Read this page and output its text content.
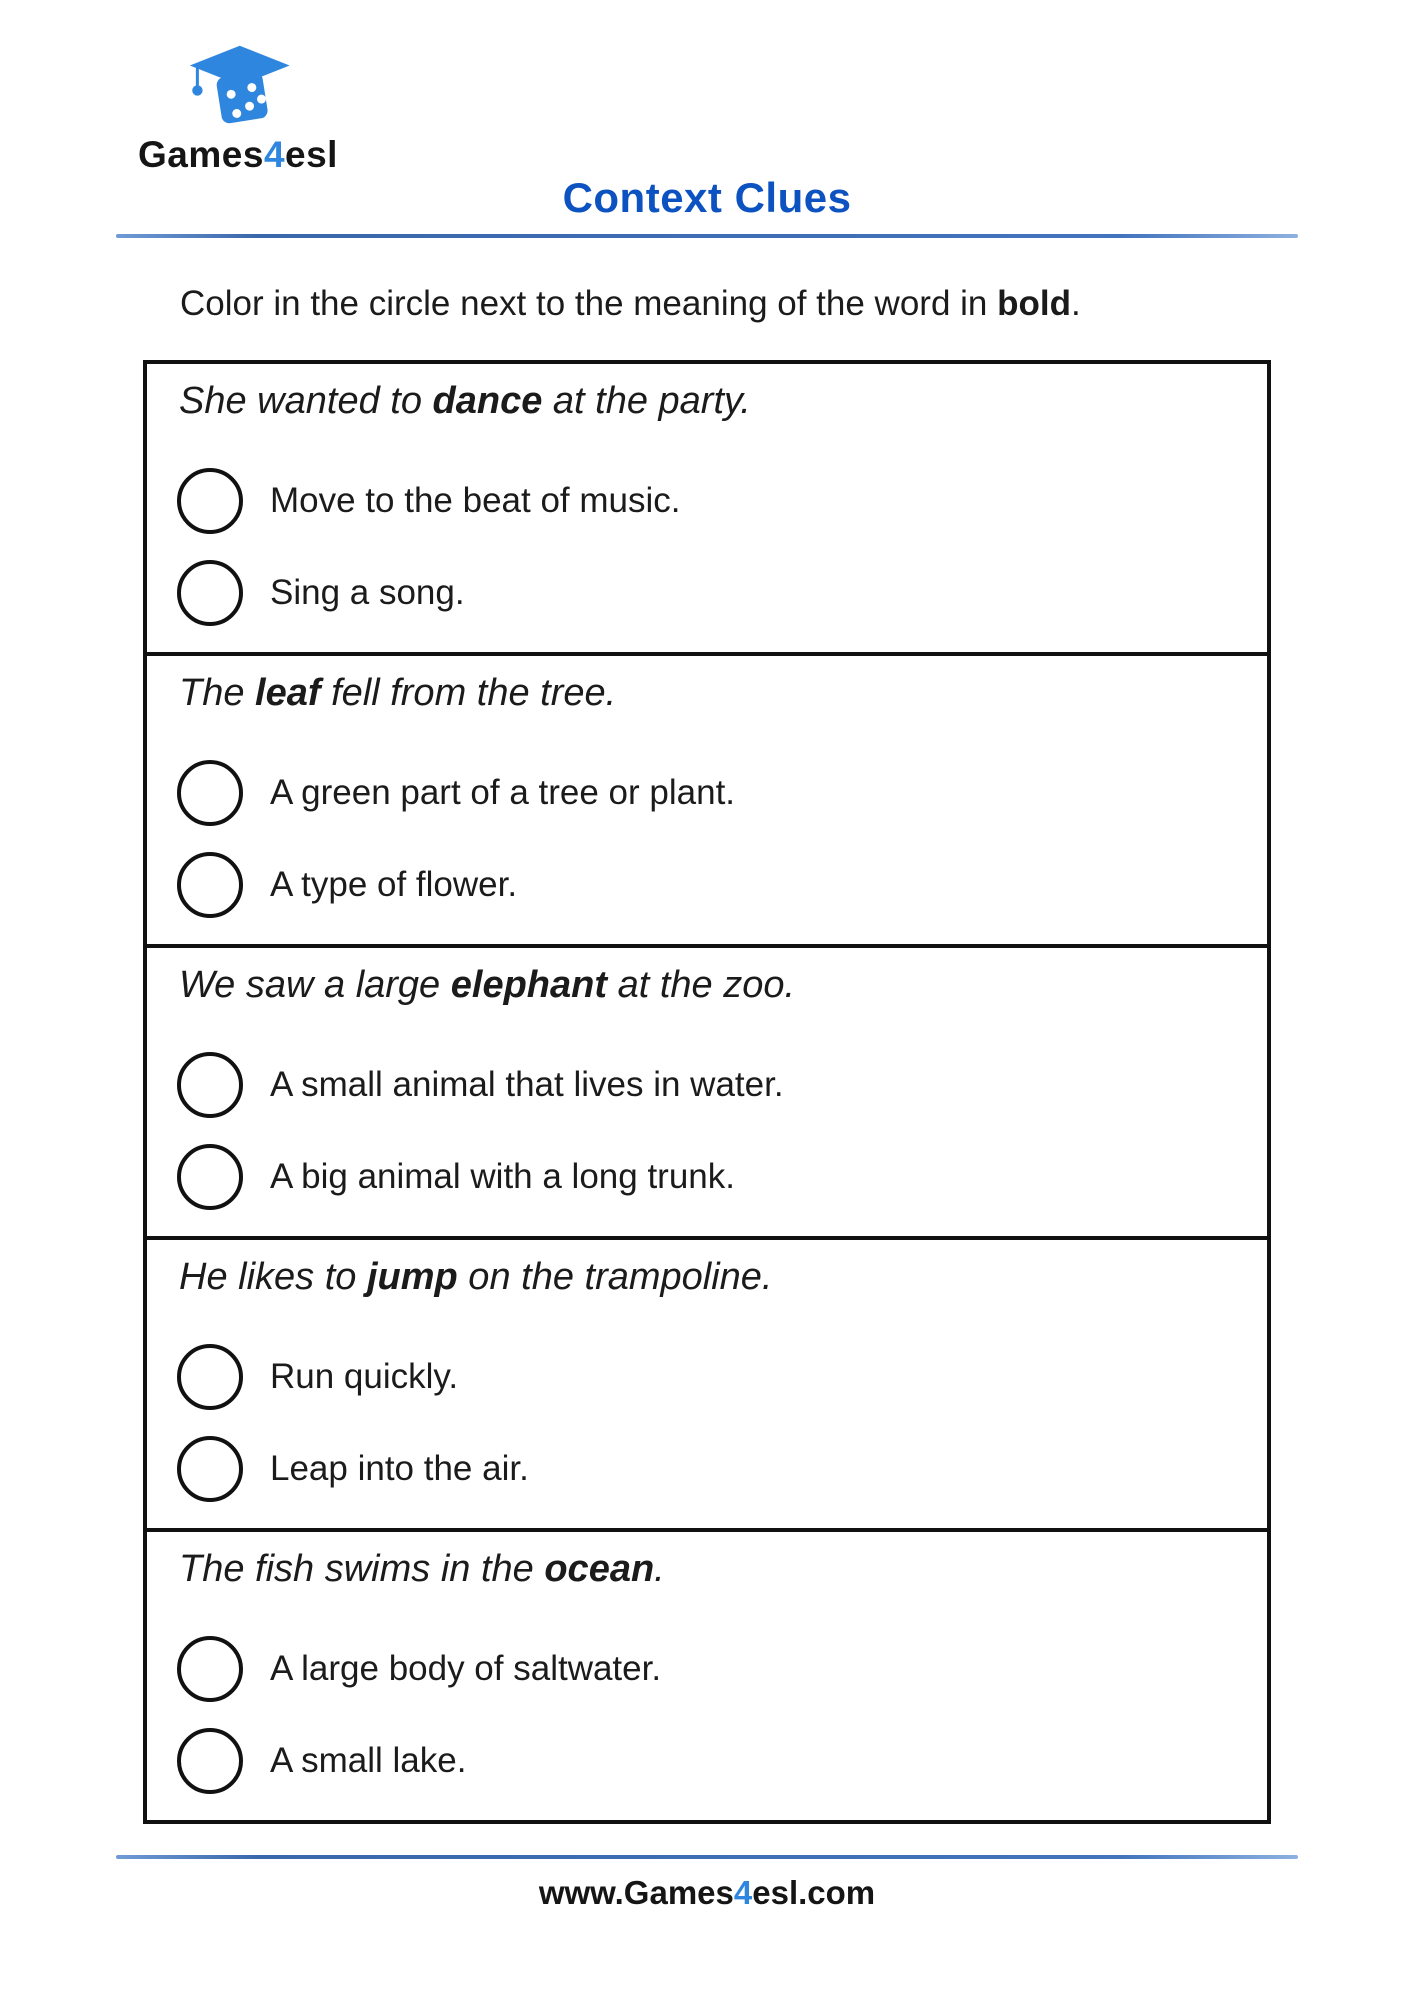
Games4esl
Context Clues
Color in the circle next to the meaning of the word in bold.
She wanted to dance at the party.
Move to the beat of music.
Sing a song.
The leaf fell from the tree.
A green part of a tree or plant.
A type of flower.
We saw a large elephant at the zoo.
A small animal that lives in water.
A big animal with a long trunk.
He likes to jump on the trampoline.
Run quickly.
Leap into the air.
The fish swims in the ocean.
A large body of saltwater.
A small lake.
www.Games4esl.com
